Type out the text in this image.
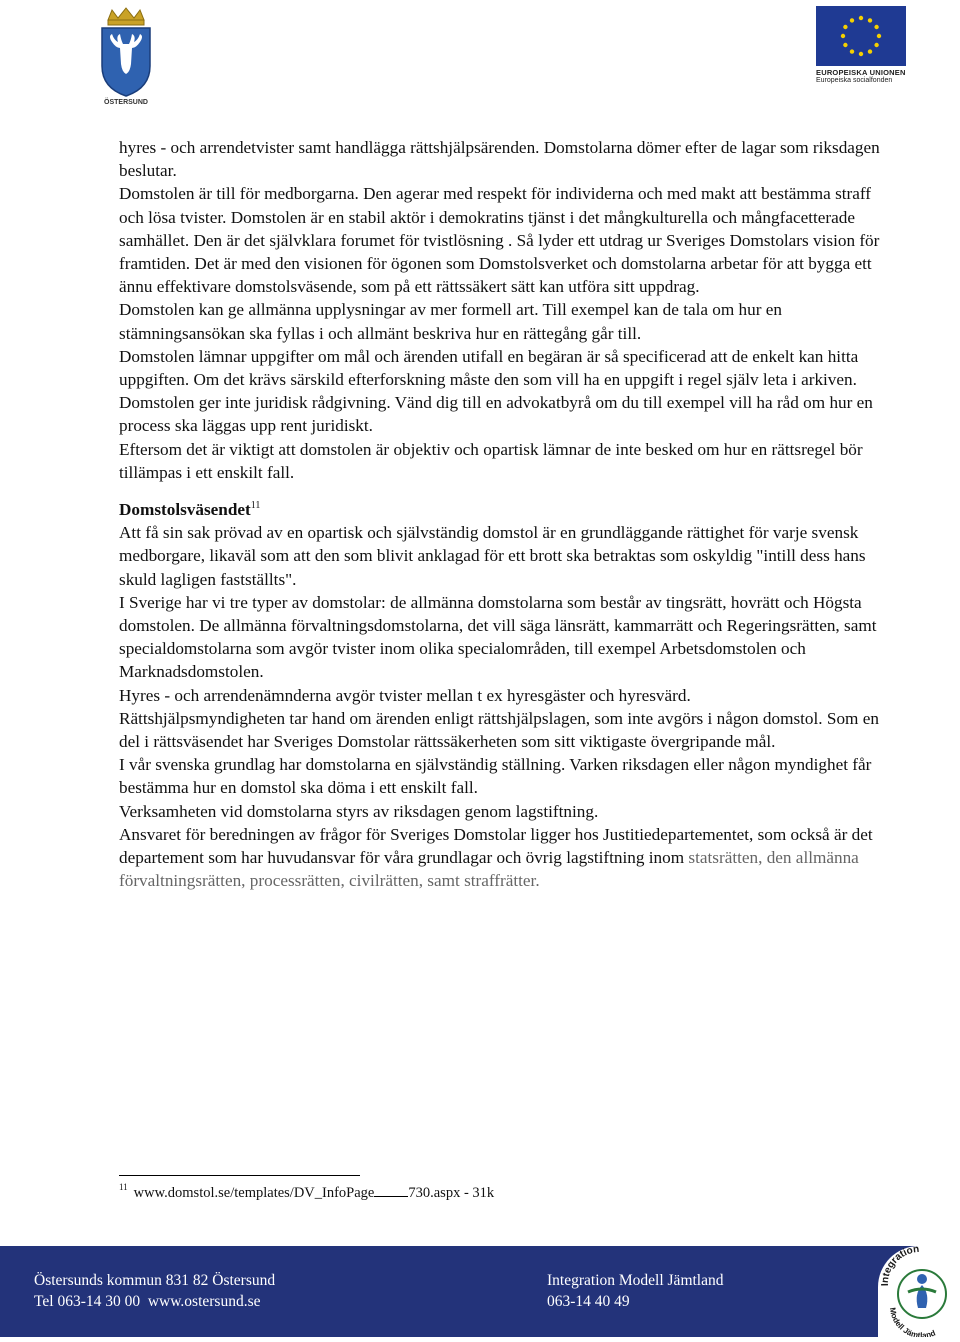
ÖSTERSUND
EUROPEISKA UNIONEN
Europeiska socialfonden

hyres - och arrendetvister samt handlägga rättshjälpsärenden. Domstolarna dömer efter de lagar som riksdagen beslutar.

Domstolen är till för medborgarna. Den agerar med respekt för individerna och med makt att bestämma straff och lösa tvister. Domstolen är en stabil aktör i demokratins tjänst i det mångkulturella och mångfacetterade samhället. Den är det självklara forumet för tvistlösning . Så lyder ett utdrag ur Sveriges Domstolars vision för framtiden. Det är med den visionen för ögonen som Domstolsverket och domstolarna arbetar för att bygga ett ännu effektivare domstolsväsende, som på ett rättssäkert sätt kan utföra sitt uppdrag.

Domstolen kan ge allmänna upplysningar av mer formell art. Till exempel kan de tala om hur en stämningsansökan ska fyllas i och allmänt beskriva hur en rättegång går till.

Domstolen lämnar uppgifter om mål och ärenden utifall en begäran är så specificerad att de enkelt kan hitta uppgiften. Om det krävs särskild efterforskning måste den som vill ha en uppgift i regel själv leta i arkiven.

Domstolen ger inte juridisk rådgivning. Vänd dig till en advokatbyrå om du till exempel vill ha råd om hur en process ska läggas upp rent juridiskt.

Eftersom det är viktigt att domstolen är objektiv och opartisk lämnar de inte besked om hur en rättsregel bör tillämpas i ett enskilt fall.

Domstolsväsendet$^{11}$

Att få sin sak prövad av en opartisk och självständig domstol är en grundläggande rättighet för varje svensk medborgare, likaväl som att den som blivit anklagad för ett brott ska betraktas som oskyldig "intill dess hans skuld lagligen fastställts".

I Sverige har vi tre typer av domstolar: de allmänna domstolarna som består av tingsrätt, hovrätt och Högsta domstolen. De allmänna förvaltningsdomstolarna, det vill säga länsrätt, kammarrätt och Regeringsrätten, samt specialdomstolarna som avgör tvister inom olika specialområden, till exempel Arbetsdomstolen och Marknadsdomstolen.

Hyres - och arrendenämnderna avgör tvister mellan t ex hyresgäster och hyresvärd.

Rättshjälpsmyndigheten tar hand om ärenden enligt rättshjälpslagen, som inte avgörs i någon domstol. Som en del i rättsväsendet har Sveriges Domstolar rättssäkerheten som sitt viktigaste övergripande mål.

I vår svenska grundlag har domstolarna en självständig ställning. Varken riksdagen eller någon myndighet får bestämma hur en domstol ska döma i ett enskilt fall.

Verksamheten vid domstolarna styrs av riksdagen genom lagstiftning.

Ansvaret för beredningen av frågor för Sveriges Domstolar ligger hos Justitiedepartementet, som också är det departement som har huvudansvar för våra grundlagar och övrig lagstiftning inom statsrätten, den allmänna förvaltningsrätten, processrätten, civilrätten, samt straffrätter.

$^{11}$ www.domstol.se/templates/DV_InfoPage 730.aspx - 31k
Östersunds kommun 831 82 Östersund
Tel 063-14 30 00  www.ostersund.se
Integration Modell Jämtland
063-14 40 49
Integration
Modell Jämtland
